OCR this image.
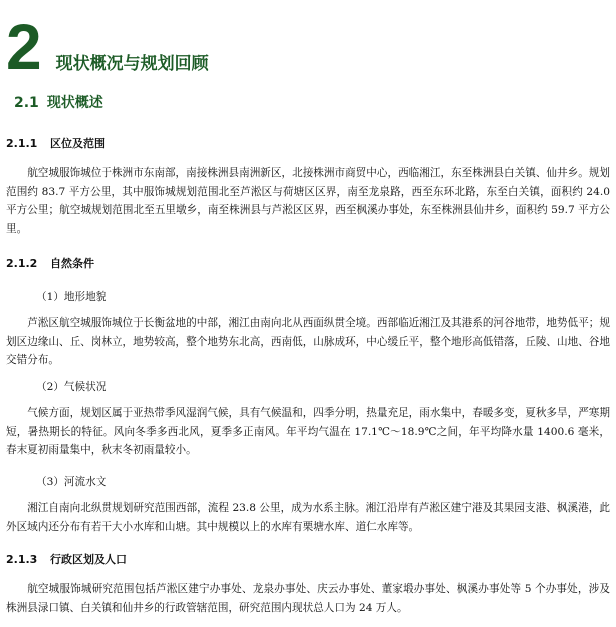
2 现状概况与规划回顾
2.1 现状概述
2.1.1 区位及范围

航空城服饰城位于株洲市东南部，南接株洲县南洲新区，北接株洲市商贸中心，西临湘江，东至株洲县白关镇、仙井乡。规划范围约 83.7 平方公里，其中服饰城规划范围北至芦淞区与荷塘区区界，南至龙泉路，西至东环北路，东至白关镇，面积约 24.0 平方公里；航空城规划范围北至五里墩乡，南至株洲县与芦淞区区界，西至枫溪办事处，东至株洲县仙井乡，面积约 59.7 平方公里。

2.1.2 自然条件
（1）地形地貌

芦淞区航空城服饰城位于长衡盆地的中部，湘江由南向北从西面纵贯全境。西部临近湘江及其港系的河谷地带，地势低平；规划区边缘山、丘、岗林立，地势较高，整个地势东北高，西南低，山脉成环，中心缓丘平，整个地形高低错落，丘陵、山地、谷地交错分布。

（2）气候状况

气候方面，规划区属于亚热带季风湿润气候，具有气候温和，四季分明，热量充足，雨水集中，春暖多变，夏秋多旱，严寒期短，暑热期长的特征。风向冬季多西北风，夏季多正南风。年平均气温在 17.1℃～18.9℃之间，年平均降水量 1400.6 毫米，春末夏初雨量集中，秋末冬初雨量较小。

（3）河流水文

湘江自南向北纵贯规划研究范围西部，流程 23.8 公里，成为水系主脉。湘江沿岸有芦淞区建宁港及其果园支港、枫溪港，此外区域内还分布有若干大小水库和山塘。其中规模以上的水库有栗塘水库、道仁水库等。

2.1.3 行政区划及人口

航空城服饰城研究范围包括芦淞区建宁办事处、龙泉办事处、庆云办事处、董家塅办事处、枫溪办事处等 5 个办事处，涉及株洲县渌口镇、白关镇和仙井乡的行政管辖范围，研究范围内现状总人口为 24 万人。
